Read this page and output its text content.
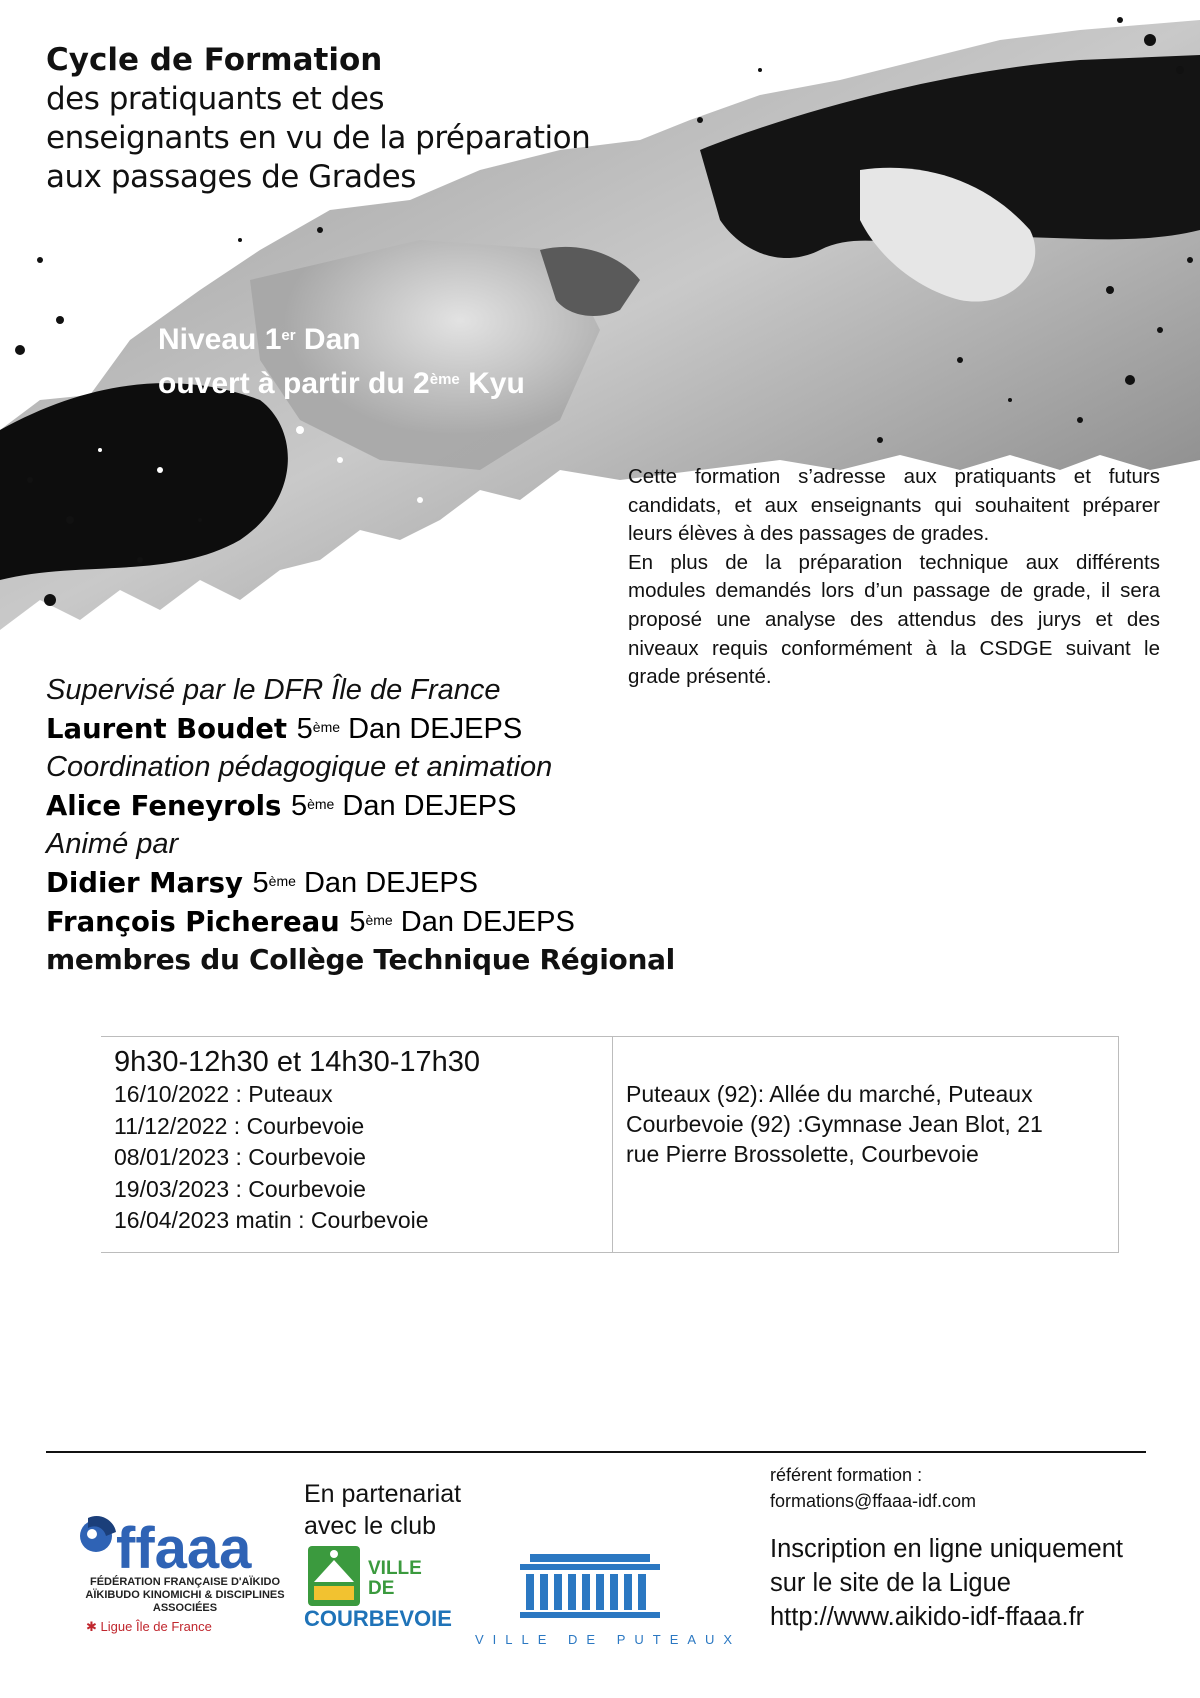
Cycle de Formation
des pratiquants et des
enseignants en vu de la préparation
aux passages de Grades
Niveau 1er Dan
ouvert à partir du 2ème Kyu

Cette formation s’adresse aux pratiquants et futurs candidats, et aux enseignants qui souhaitent préparer leurs élèves à des passages de grades.

En plus de la préparation technique aux différents modules demandés lors d’un passage de grade, il sera proposé une analyse des attendus des jurys et des niveaux requis conformément à la CSDGE suivant le grade présenté.

Supervisé par le DFR Île de France
Laurent Boudet 5ème Dan DEJEPS
Coordination pédagogique et animation
Alice Feneyrols 5ème Dan DEJEPS
Animé par
Didier Marsy 5ème Dan DEJEPS
François Pichereau 5ème Dan DEJEPS
membres du Collège Technique Régional
9h30-12h30 et 14h30-17h30
16/10/2022 : Puteaux
11/12/2022 : Courbevoie
08/01/2023 : Courbevoie
19/03/2023 : Courbevoie
16/04/2023 matin : Courbevoie

Puteaux (92): Allée du marché, Puteaux
Courbevoie (92) :Gymnase Jean Blot, 21
rue Pierre Brossolette, Courbevoie
ffaaa
FÉDÉRATION FRANÇAISE D'AÏKIDO
AÏKIBUDO KINOMICHI & DISCIPLINES ASSOCIÉES
✱ Ligue Île de France
En partenariat
avec le club
VILLE
DE
COURBEVOIE
VILLE DE PUTEAUX
référent formation :
formations@ffaaa-idf.com
Inscription en ligne uniquement
sur le site de la Ligue
http://www.aikido-idf-ffaaa.fr
